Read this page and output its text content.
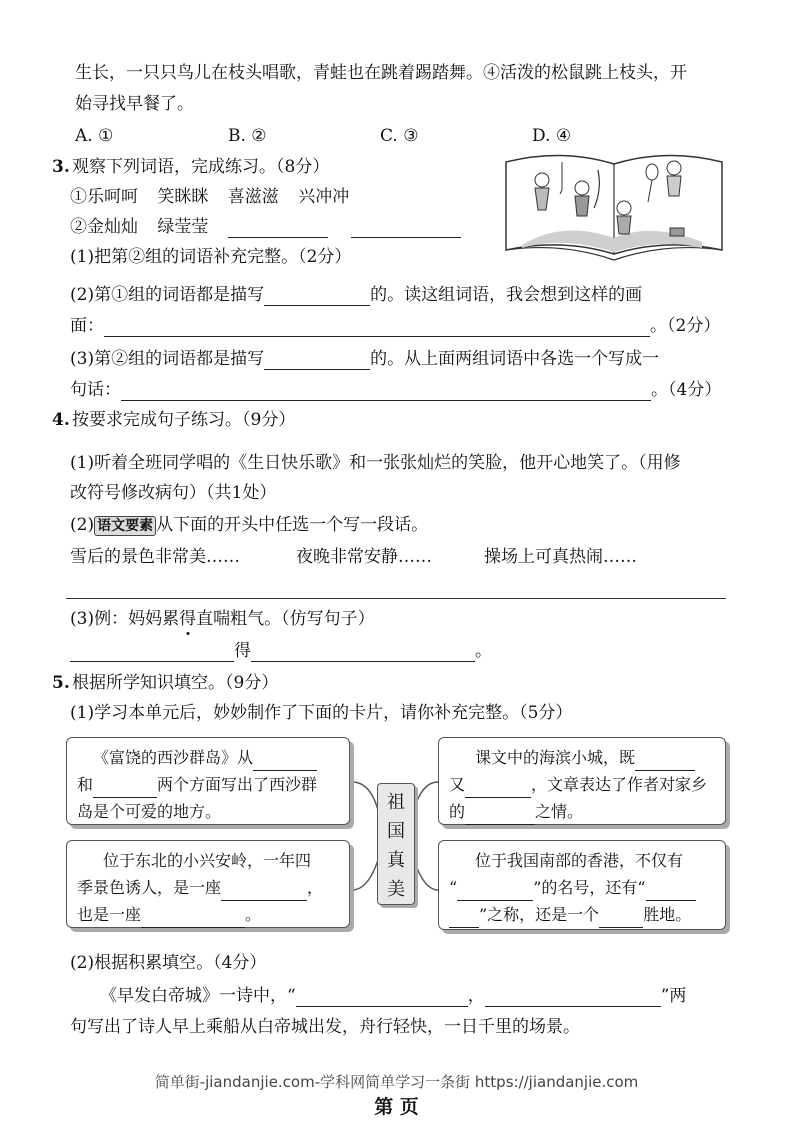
生长，一只只鸟儿在枝头唱歌，青蛙也在跳着踢踏舞。④活泼的松鼠跳上枝头，开
始寻找早餐了。
A. ①	B. ②	C. ③	D. ④
3. 观察下列词语，完成练习。（8分）
①乐呵呵 笑眯眯 喜滋滋 兴冲冲
②金灿灿 绿莹莹
(1)把第②组的词语补充完整。（2分）
(2)第①组的词语都是描写	的。读这组词语，我会想到这样的画
面：	。（2分）
(3)第②组的词语都是描写	的。从上面两组词语中各选一个写成一
句话：	。（4分）
4. 按要求完成句子练习。（9分）
(1)听着全班同学唱的《生日快乐歌》和一张张灿烂的笑脸，他开心地笑了。（用修
改符号修改病句）（共1处）
(2) 语文要素 从下面的开头中任选一个写一段话。
雪后的景色非常美……	夜晚非常安静……	操场上可真热闹……
(3)例：妈妈累得直喘粗气。（仿写句子）
得	。
5. 根据所学知识填空。（9分）
(1)学习本单元后，妙妙制作了下面的卡片，请你补充完整。（5分）
《富饶的西沙群岛》从
和	两个方面写出了西沙群
岛是个可爱的地方。
课文中的海滨小城，既
又	，文章表达了作者对家乡
的	之情。
祖
国
真
美
位于东北的小兴安岭，一年四
季景色诱人，是一座	，
也是一座	。
位于我国南部的香港，不仅有
“	”的名号，还有“
”之称，还是一个	胜地。
(2)根据积累填空。（4分）
《早发白帝城》一诗中，“	，	”两
句写出了诗人早上乘船从白帝城出发，舟行轻快，一日千里的场景。
简单街-jiandanjie.com-学科网简单学习一条街 https://jiandanjie.com
第 页
